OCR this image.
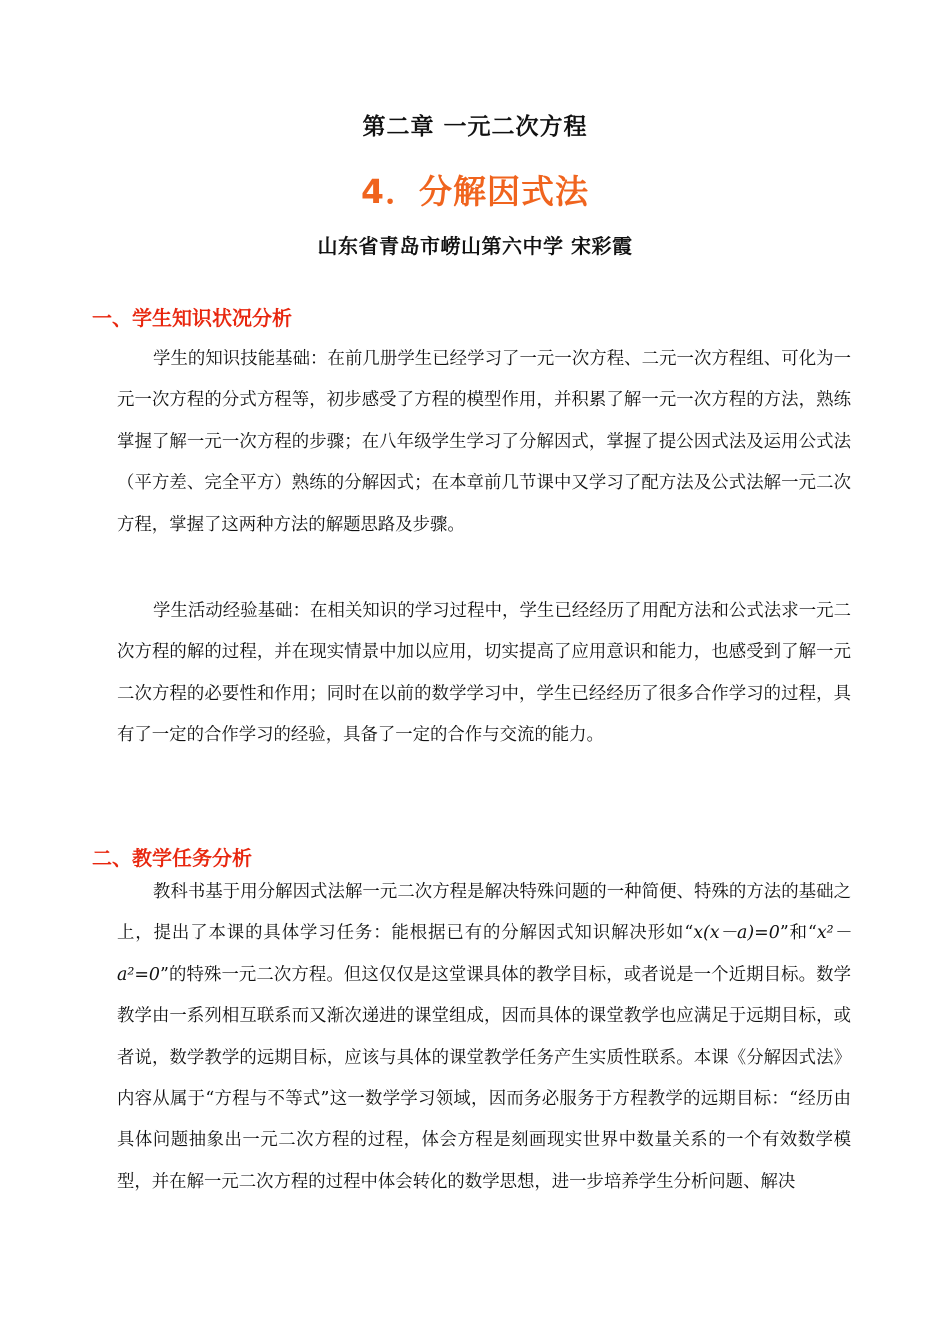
第二章 一元二次方程
4．分解因式法
山东省青岛市崂山第六中学 宋彩霞
一、学生知识状况分析

学生的知识技能基础：在前几册学生已经学习了一元一次方程、二元一次方程组、可化为一元一次方程的分式方程等，初步感受了方程的模型作用，并积累了解一元一次方程的方法，熟练掌握了解一元一次方程的步骤；在八年级学生学习了分解因式，掌握了提公因式法及运用公式法（平方差、完全平方）熟练的分解因式；在本章前几节课中又学习了配方法及公式法解一元二次方程，掌握了这两种方法的解题思路及步骤。

学生活动经验基础：在相关知识的学习过程中，学生已经经历了用配方法和公式法求一元二次方程的解的过程，并在现实情景中加以应用，切实提高了应用意识和能力，也感受到了解一元二次方程的必要性和作用；同时在以前的数学学习中，学生已经经历了很多合作学习的过程，具有了一定的合作学习的经验，具备了一定的合作与交流的能力。

二、教学任务分析

教科书基于用分解因式法解一元二次方程是解决特殊问题的一种简便、特殊的方法的基础之上，提出了本课的具体学习任务：能根据已有的分解因式知识解决形如“x(x－a)=0”和“x²－a²=0”的特殊一元二次方程。但这仅仅是这堂课具体的教学目标，或者说是一个近期目标。数学教学由一系列相互联系而又渐次递进的课堂组成，因而具体的课堂教学也应满足于远期目标，或者说，数学教学的远期目标，应该与具体的课堂教学任务产生实质性联系。本课《分解因式法》内容从属于“方程与不等式”这一数学学习领域，因而务必服务于方程教学的远期目标：“经历由具体问题抽象出一元二次方程的过程，体会方程是刻画现实世界中数量关系的一个有效数学模型，并在解一元二次方程的过程中体会转化的数学思想，进一步培养学生分析问题、解决
